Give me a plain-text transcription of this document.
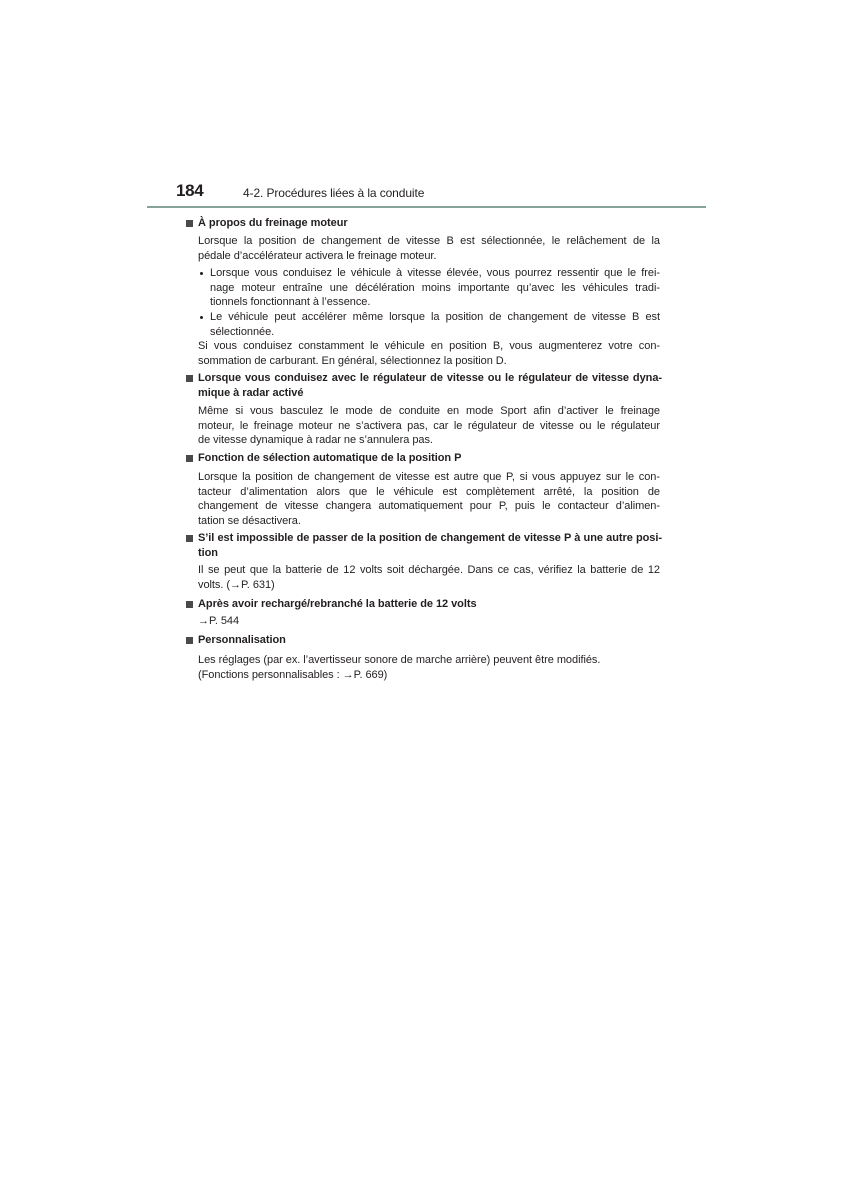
184	4-2. Procédures liées à la conduite
À propos du freinage moteur
Lorsque la position de changement de vitesse B est sélectionnée, le relâchement de la
pédale d’accélérateur activera le freinage moteur.
Lorsque vous conduisez le véhicule à vitesse élevée, vous pourrez ressentir que le frei-
nage moteur entraîne une décélération moins importante qu’avec les véhicules tradi-
tionnels fonctionnant à l’essence.
Le véhicule peut accélérer même lorsque la position de changement de vitesse B est
sélectionnée.
Si vous conduisez constamment le véhicule en position B, vous augmenterez votre con-
sommation de carburant. En général, sélectionnez la position D.
Lorsque vous conduisez avec le régulateur de vitesse ou le régulateur de vitesse dyna-
mique à radar activé
Même si vous basculez le mode de conduite en mode Sport afin d’activer le freinage
moteur, le freinage moteur ne s’activera pas, car le régulateur de vitesse ou le régulateur
de vitesse dynamique à radar ne s’annulera pas.
Fonction de sélection automatique de la position P
Lorsque la position de changement de vitesse est autre que P, si vous appuyez sur le con-
tacteur d’alimentation alors que le véhicule est complètement arrêté, la position de
changement de vitesse changera automatiquement pour P, puis le contacteur d’alimen-
tation se désactivera.
S’il est impossible de passer de la position de changement de vitesse P à une autre posi-
tion
Il se peut que la batterie de 12 volts soit déchargée. Dans ce cas, vérifiez la batterie de 12
volts. (→P. 631)
Après avoir rechargé/rebranché la batterie de 12 volts
→P. 544
Personnalisation
Les réglages (par ex. l’avertisseur sonore de marche arrière) peuvent être modifiés.
(Fonctions personnalisables : →P. 669)
